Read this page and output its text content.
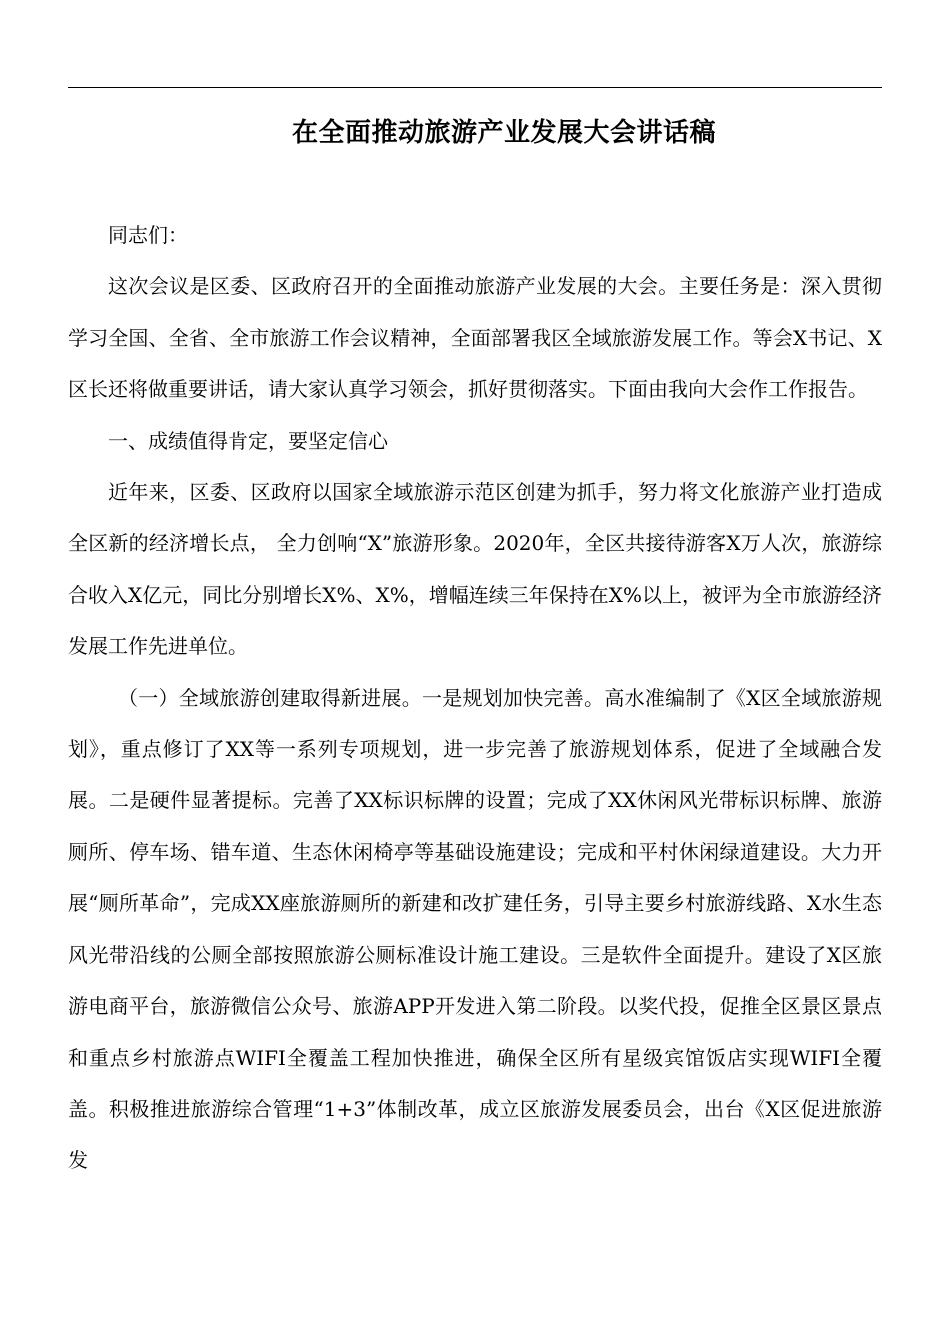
在全面推动旅游产业发展大会讲话稿

同志们：

这次会议是区委、区政府召开的全面推动旅游产业发展的大会。主要任务是：深入贯彻学习全国、全省、全市旅游工作会议精神，全面部署我区全域旅游发展工作。等会X书记、X区长还将做重要讲话，请大家认真学习领会，抓好贯彻落实。下面由我向大会作工作报告。

一、成绩值得肯定，要坚定信心

近年来，区委、区政府以国家全域旅游示范区创建为抓手，努力将文化旅游产业打造成全区新的经济增长点， 全力创响“X”旅游形象。2020年，全区共接待游客X万人次，旅游综合收入X亿元，同比分别增长X%、X%，增幅连续三年保持在X%以上，被评为全市旅游经济发展工作先进单位。

（一）全域旅游创建取得新进展。一是规划加快完善。高水准编制了《X区全域旅游规划》，重点修订了XX等一系列专项规划，进一步完善了旅游规划体系，促进了全域融合发展。二是硬件显著提标。完善了XX标识标牌的设置；完成了XX休闲风光带标识标牌、旅游厕所、停车场、错车道、生态休闲椅亭等基础设施建设；完成和平村休闲绿道建设。大力开展“厕所革命”，完成XX座旅游厕所的新建和改扩建任务，引导主要乡村旅游线路、X水生态风光带沿线的公厕全部按照旅游公厕标准设计施工建设。三是软件全面提升。建设了X区旅游电商平台，旅游微信公众号、旅游APP开发进入第二阶段。以奖代投，促推全区景区景点和重点乡村旅游点WIFI全覆盖工程加快推进，确保全区所有星级宾馆饭店实现WIFI全覆盖。积极推进旅游综合管理“1+3”体制改革，成立区旅游发展委员会，出台《X区促进旅游发
